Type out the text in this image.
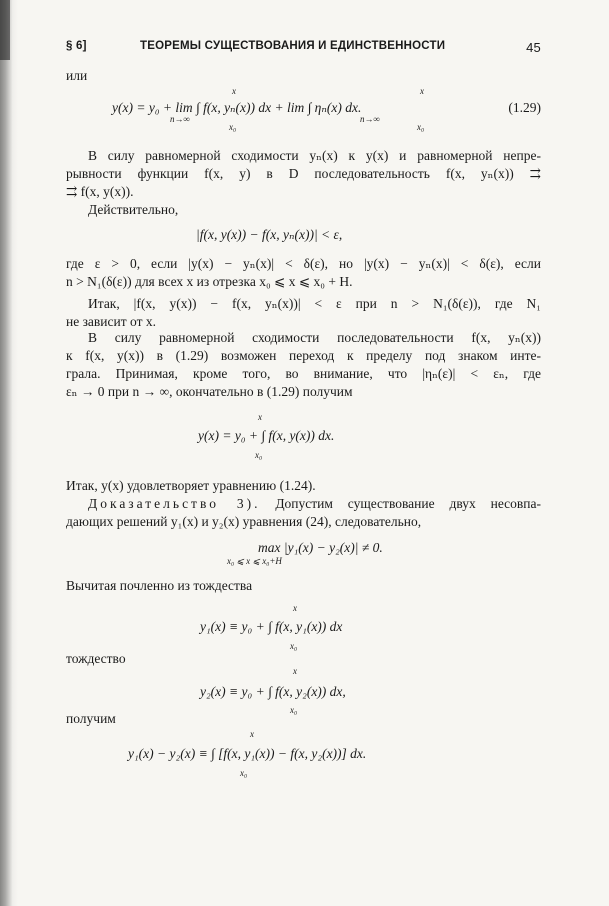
§ 6]	ТЕОРЕМЫ СУЩЕСТВОВАНИЯ И ЕДИНСТВЕННОСТИ	45
или
y(x) = y₀ + lim ∫ f(x, yₙ(x)) dx + lim ∫ ηₙ(x) dx.
x
x₀
n→∞
x
x₀
n→∞
(1.29)
В силу равномерной сходимости yₙ(x) к y(x) и равномерной непре-
рывности функции f(x, y) в D последовательность f(x, yₙ(x)) ⇉
⇉ f(x, y(x)).
Действительно,
|f(x, y(x)) − f(x, yₙ(x))| < ε,
где ε > 0, если |y(x) − yₙ(x)| < δ(ε), но |y(x) − yₙ(x)| < δ(ε), если
n > N₁(δ(ε)) для всех x из отрезка x₀ ⩽ x ⩽ x₀ + H.
Итак, |f(x, y(x)) − f(x, yₙ(x))| < ε при n > N₁(δ(ε)), где N₁
не зависит от x.
В силу равномерной сходимости последовательности f(x, yₙ(x))
к f(x, y(x)) в (1.29) возможен переход к пределу под знаком инте-
грала. Принимая, кроме того, во внимание, что |ηₙ(ε)| < εₙ, где
εₙ → 0 при n → ∞, окончательно в (1.29) получим
x
y(x) = y₀ + ∫ f(x, y(x)) dx.
x₀
Итак, y(x) удовлетворяет уравнению (1.24).
Доказательство 3). Допустим существование двух несовпа-
дающих решений y₁(x) и y₂(x) уравнения (24), следовательно,
max |y₁(x) − y₂(x)| ≠ 0.
x₀ ⩽ x ⩽ x₀+H
Вычитая почленно из тождества
x
y₁(x) ≡ y₀ + ∫ f(x, y₁(x)) dx
x₀
тождество
x
y₂(x) ≡ y₀ + ∫ f(x, y₂(x)) dx,
x₀
получим
x
y₁(x) − y₂(x) ≡ ∫ [f(x, y₁(x)) − f(x, y₂(x))] dx.
x₀
